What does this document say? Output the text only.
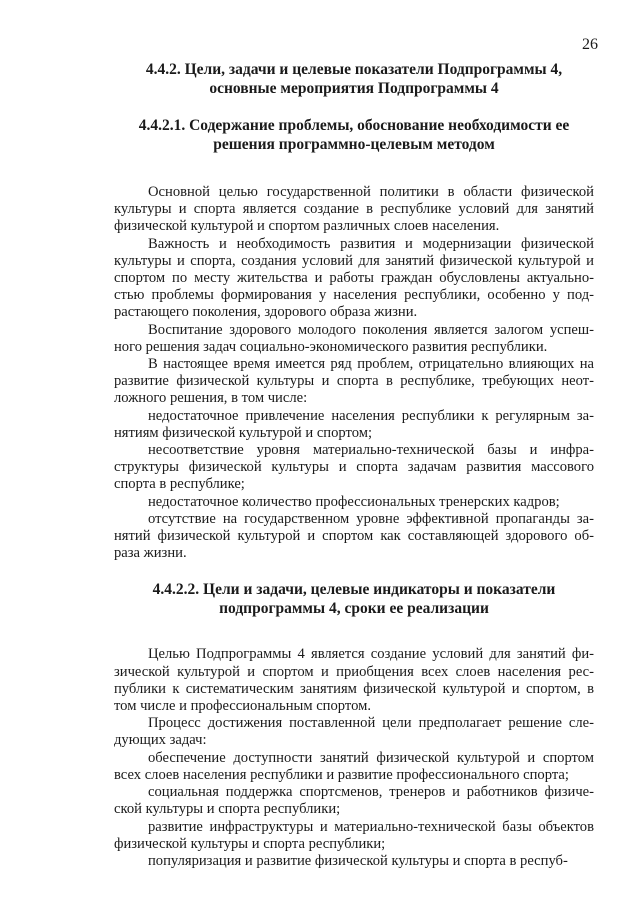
26
4.4.2. Цели, задачи и целевые показатели Подпрограммы 4,
основные мероприятия Подпрограммы 4
4.4.2.1. Содержание проблемы, обоснование необходимости ее
решения программно-целевым методом

Основной целью государственной политики в области физической
культуры и спорта является создание в республике условий для занятий
физической культурой и спортом различных слоев населения.

Важность и необходимость развития и модернизации физической
культуры и спорта, создания условий для занятий физической культурой и
спортом по месту жительства и работы граждан обусловлены актуально-
стью проблемы формирования у населения республики, особенно у под-
растающего поколения, здорового образа жизни.

Воспитание здорового молодого поколения является залогом успеш-
ного решения задач социально-экономического развития республики.

В настоящее время имеется ряд проблем, отрицательно влияющих на
развитие физической культуры и спорта в республике, требующих неот-
ложного решения, в том числе:

недостаточное привлечение населения республики к регулярным за-
нятиям физической культурой и спортом;

несоответствие уровня материально-технической базы и инфра-
структуры физической культуры и спорта задачам развития массового
спорта в республике;

недостаточное количество профессиональных тренерских кадров;

отсутствие на государственном уровне эффективной пропаганды за-
нятий физической культурой и спортом как составляющей здорового об-
раза жизни.

4.4.2.2. Цели и задачи, целевые индикаторы и показатели
подпрограммы 4, сроки ее реализации

Целью Подпрограммы 4 является создание условий для занятий фи-
зической культурой и спортом и приобщения всех слоев населения рес-
публики к систематическим занятиям физической культурой и спортом, в
том числе и профессиональным спортом.

Процесс достижения поставленной цели предполагает решение сле-
дующих задач:

обеспечение доступности занятий физической культурой и спортом
всех слоев населения республики и развитие профессионального спорта;

социальная поддержка спортсменов, тренеров и работников физиче-
ской культуры и спорта республики;

развитие инфраструктуры и материально-технической базы объектов
физической культуры и спорта республики;

популяризация и развитие физической культуры и спорта в респуб-
